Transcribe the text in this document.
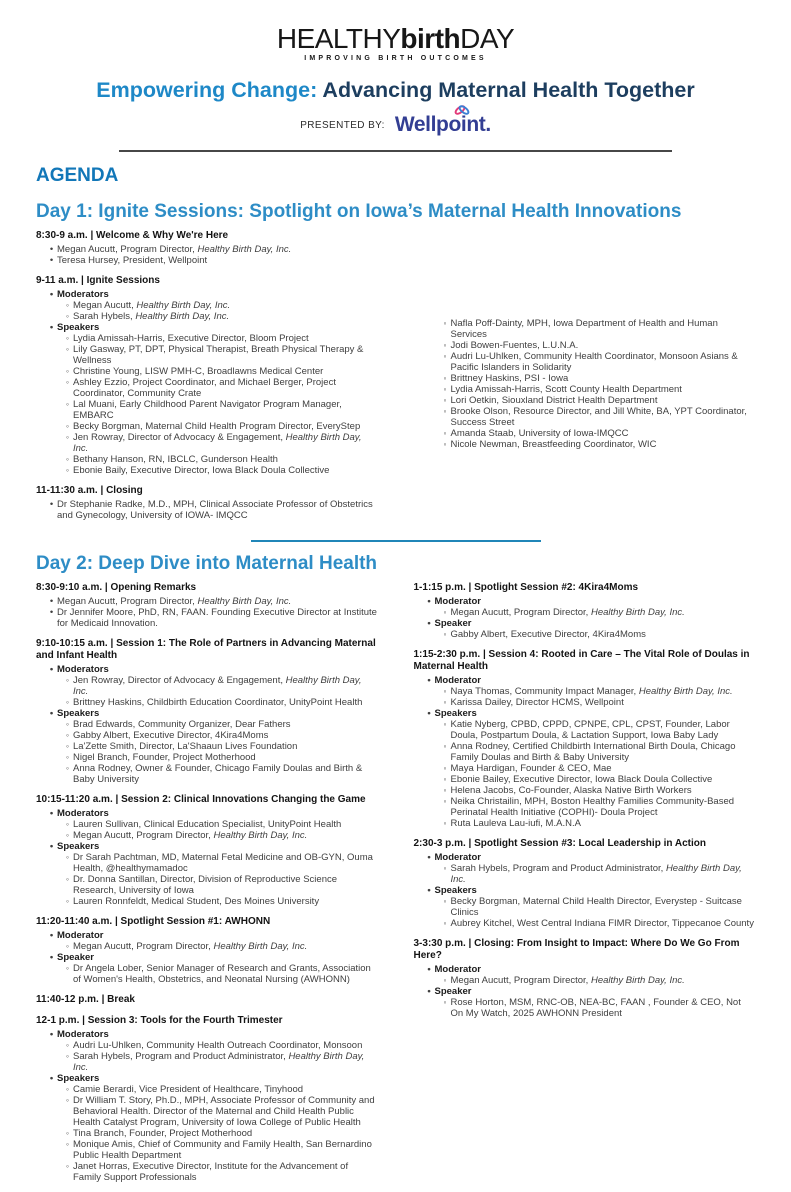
HEALTHYbirthDAY
IMPROVING BIRTH OUTCOMES
Empowering Change: Advancing Maternal Health Together
PRESENTED BY: Wellpoint.
AGENDA
Day 1: Ignite Sessions: Spotlight on Iowa’s Maternal Health Innovations
8:30-9 a.m. | Welcome & Why We're Here
• Megan Aucutt, Program Director, Healthy Birth Day, Inc.
• Teresa Hursey, President, Wellpoint
9-11 a.m. | Ignite Sessions
• Moderators
◦ Megan Aucutt, Healthy Birth Day, Inc.
◦ Sarah Hybels, Healthy Birth Day, Inc.
• Speakers
◦ Lydia Amissah-Harris, Executive Director, Bloom Project
◦ Lily Gasway, PT, DPT, Physical Therapist, Breath Physical Therapy & Wellness
◦ Christine Young, LISW PMH-C, Broadlawns Medical Center
◦ Ashley Ezzio, Project Coordinator, and Michael Berger, Project Coordinator, Community Crate
◦ Lal Muani, Early Childhood Parent Navigator Program Manager, EMBARC
◦ Becky Borgman, Maternal Child Health Program Director, EveryStep
◦ Jen Rowray, Director of Advocacy & Engagement, Healthy Birth Day, Inc.
◦ Bethany Hanson, RN, IBCLC, Gunderson Health
◦ Ebonie Baily, Executive Director, Iowa Black Doula Collective
11-11:30 a.m. | Closing
• Dr Stephanie Radke, M.D., MPH, Clinical Associate Professor of Obstetrics and Gynecology, University of IOWA- IMQCC
◦ Nafla Poff-Dainty, MPH, Iowa Department of Health and Human Services
◦ Jodi Bowen-Fuentes, L.U.N.A.
◦ Audri Lu-Uhlken, Community Health Coordinator, Monsoon Asians & Pacific Islanders in Solidarity
◦ Brittney Haskins, PSI - Iowa
◦ Lydia Amissah-Harris, Scott County Health Department
◦ Lori Oetkin, Siouxland District Health Department
◦ Brooke Olson, Resource Director, and Jill White, BA, YPT Coordinator, Success Street
◦ Amanda Staab, University of Iowa-IMQCC
◦ Nicole Newman, Breastfeeding Coordinator, WIC
Day 2: Deep Dive into Maternal Health
8:30-9:10 a.m. | Opening Remarks
• Megan Aucutt, Program Director, Healthy Birth Day, Inc.
• Dr Jennifer Moore, PhD, RN, FAAN. Founding Executive Director at Institute for Medicaid Innovation.
9:10-10:15 a.m. | Session 1: The Role of Partners in Advancing Maternal and Infant Health
• Moderators
◦ Jen Rowray, Director of Advocacy & Engagement, Healthy Birth Day, Inc.
◦ Brittney Haskins, Childbirth Education Coordinator, UnityPoint Health
• Speakers
◦ Brad Edwards, Community Organizer, Dear Fathers
◦ Gabby Albert, Executive Director, 4Kira4Moms
◦ La'Zette Smith, Director, La'Shaaun Lives Foundation
◦ Nigel Branch, Founder, Project Motherhood
◦ Anna Rodney, Owner & Founder, Chicago Family Doulas and Birth & Baby University
10:15-11:20 a.m. | Session 2: Clinical Innovations Changing the Game
• Moderators
◦ Lauren Sullivan, Clinical Education Specialist, UnityPoint Health
◦ Megan Aucutt, Program Director, Healthy Birth Day, Inc.
• Speakers
◦ Dr Sarah Pachtman, MD, Maternal Fetal Medicine and OB-GYN, Ouma Health, @healthymamadoc
◦ Dr. Donna Santillan, Director, Division of Reproductive Science Research, University of Iowa
◦ Lauren Ronnfeldt, Medical Student, Des Moines University
11:20-11:40 a.m. | Spotlight Session #1: AWHONN
• Moderator
◦ Megan Aucutt, Program Director, Healthy Birth Day, Inc.
• Speaker
◦ Dr Angela Lober, Senior Manager of Research and Grants, Association of Women's Health, Obstetrics, and Neonatal Nursing (AWHONN)
11:40-12 p.m. | Break
12-1 p.m. | Session 3: Tools for the Fourth Trimester
• Moderators
◦ Audri Lu-Uhlken, Community Health Outreach Coordinator, Monsoon
◦ Sarah Hybels, Program and Product Administrator, Healthy Birth Day, Inc.
• Speakers
◦ Camie Berardi, Vice President of Healthcare, Tinyhood
◦ Dr William T. Story, Ph.D., MPH, Associate Professor of Community and Behavioral Health. Director of the Maternal and Child Health Public Health Catalyst Program, University of Iowa College of Public Health
◦ Tina Branch, Founder, Project Motherhood
◦ Monique Amis, Chief of Community and Family Health, San Bernardino Public Health Department
◦ Janet Horras, Executive Director, Institute for the Advancement of Family Support Professionals
1-1:15 p.m. | Spotlight Session #2: 4Kira4Moms
• Moderator
◦ Megan Aucutt, Program Director, Healthy Birth Day, Inc.
• Speaker
◦ Gabby Albert, Executive Director, 4Kira4Moms
1:15-2:30 p.m. | Session 4: Rooted in Care – The Vital Role of Doulas in Maternal Health
• Moderator
◦ Naya Thomas, Community Impact Manager, Healthy Birth Day, Inc.
◦ Karissa Dailey, Director HCMS, Wellpoint
• Speakers
◦ Katie Nyberg, CPBD, CPPD, CPNPE, CPL, CPST, Founder, Labor Doula, Postpartum Doula, & Lactation Support, Iowa Baby Lady
◦ Anna Rodney, Certified Childbirth International Birth Doula, Chicago Family Doulas and Birth & Baby University
◦ Maya Hardigan, Founder & CEO, Mae
◦ Ebonie Bailey, Executive Director, Iowa Black Doula Collective
◦ Helena Jacobs, Co-Founder, Alaska Native Birth Workers
◦ Neika Christailin, MPH, Boston Healthy Families Community-Based Perinatal Health Initiative (COPHI)- Doula Project
◦ Ruta Lauleva Lau-iufi, M.A.N.A
2:30-3 p.m. | Spotlight Session #3: Local Leadership in Action
• Moderator
◦ Sarah Hybels, Program and Product Administrator, Healthy Birth Day, Inc.
• Speakers
◦ Becky Borgman, Maternal Child Health Director, Everystep - Suitcase Clinics
◦ Aubrey Kitchel, West Central Indiana FIMR Director, Tippecanoe County
3-3:30 p.m. | Closing: From Insight to Impact: Where Do We Go From Here?
• Moderator
◦ Megan Aucutt, Program Director, Healthy Birth Day, Inc.
• Speaker
◦ Rose Horton, MSM, RNC-OB, NEA-BC, FAAN , Founder & CEO, Not On My Watch, 2025 AWHONN President
